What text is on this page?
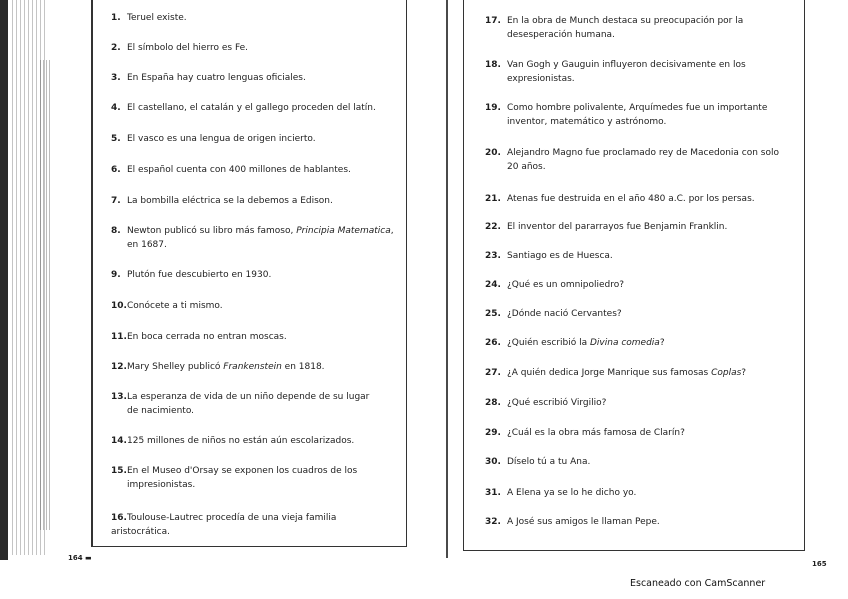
1. Teruel existe.
2. El símbolo del hierro es Fe.
3. En España hay cuatro lenguas oficiales.
4. El castellano, el catalán y el gallego proceden del latín.
5. El vasco es una lengua de origen incierto.
6. El español cuenta con 400 millones de hablantes.
7. La bombilla eléctrica se la debemos a Edison.
8. Newton publicó su libro más famoso, Principia Matematica,
en 1687.
9. Plutón fue descubierto en 1930.
10.Conócete a ti mismo.
11.En boca cerrada no entran moscas.
12.Mary Shelley publicó Frankenstein en 1818.
13.La esperanza de vida de un niño depende de su lugar
de nacimiento.
14.125 millones de niños no están aún escolarizados.
15.En el Museo d'Orsay se exponen los cuadros de los
impresionistas.
16.Toulouse-Lautrec procedía de una vieja familia aristocrática.
164 ▬
17. En la obra de Munch destaca su preocupación por la
desesperación humana.
18. Van Gogh y Gauguin influyeron decisivamente en los
expresionistas.
19. Como hombre polivalente, Arquímedes fue un importante
inventor, matemático y astrónomo.
20. Alejandro Magno fue proclamado rey de Macedonia con solo
20 años.
21. Atenas fue destruida en el año 480 a.C. por los persas.
22. El inventor del pararrayos fue Benjamin Franklin.
23. Santiago es de Huesca.
24. ¿Qué es un omnipoliedro?
25. ¿Dónde nació Cervantes?
26. ¿Quién escribió la Divina comedia?
27. ¿A quién dedica Jorge Manrique sus famosas Coplas?
28. ¿Qué escribió Virgilio?
29. ¿Cuál es la obra más famosa de Clarín?
30. Díselo tú a tu Ana.
31. A Elena ya se lo he dicho yo.
32. A José sus amigos le llaman Pepe.
165
Escaneado con CamScanner
